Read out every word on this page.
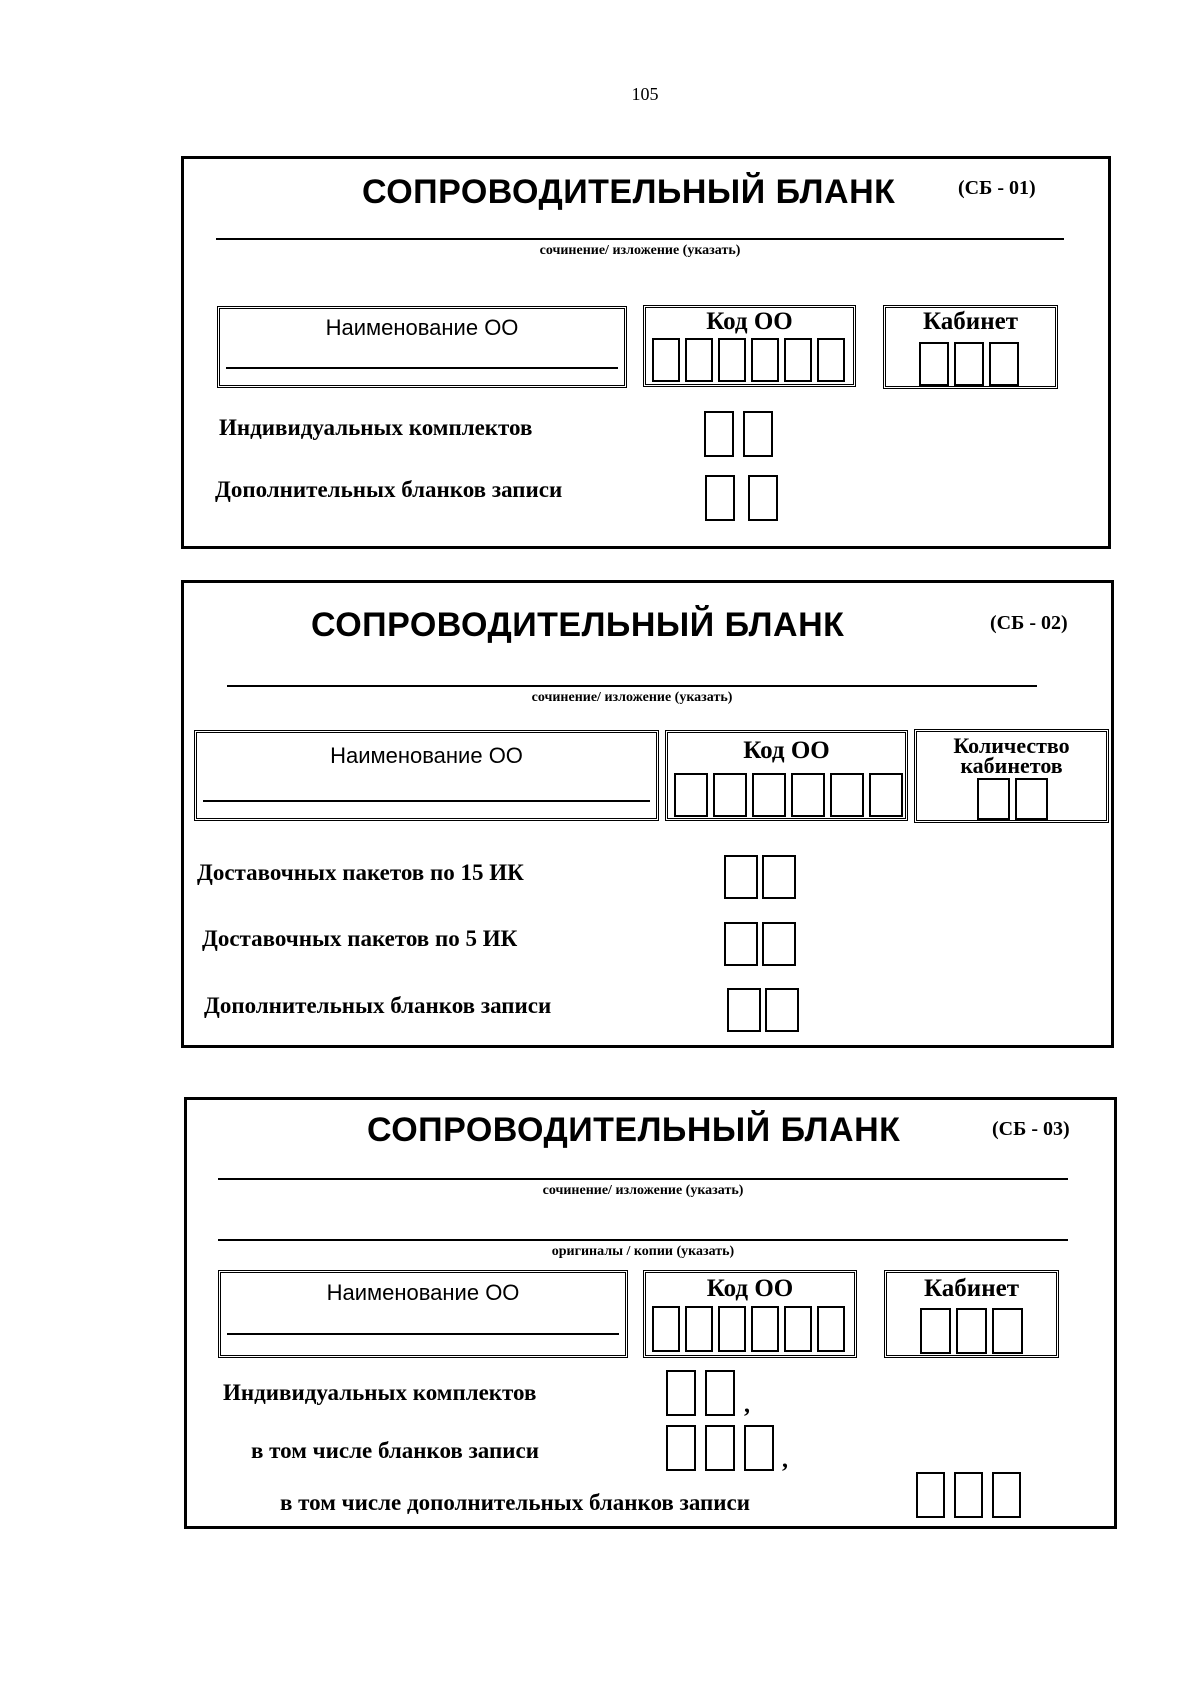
105
СОПРОВОДИТЕЛЬНЫЙ БЛАНК	(СБ - 01)
сочинение/ изложение (указать)
Наименование ОО	Код ОО	Кабинет
Индивидуальных комплектов
Дополнительных бланков записи
СОПРОВОДИТЕЛЬНЫЙ БЛАНК	(СБ - 02)
сочинение/ изложение (указать)
Наименование ОО	Код ОО	Количество
кабинетов
Доставочных пакетов по 15 ИК
Доставочных пакетов по 5 ИК
Дополнительных бланков записи
СОПРОВОДИТЕЛЬНЫЙ БЛАНК	(СБ - 03)
сочинение/ изложение (указать)
оригиналы / копии (указать)
Наименование ОО	Код ОО	Кабинет
Индивидуальных комплектов	,
в том числе бланков записи	,
в том числе дополнительных бланков записи
